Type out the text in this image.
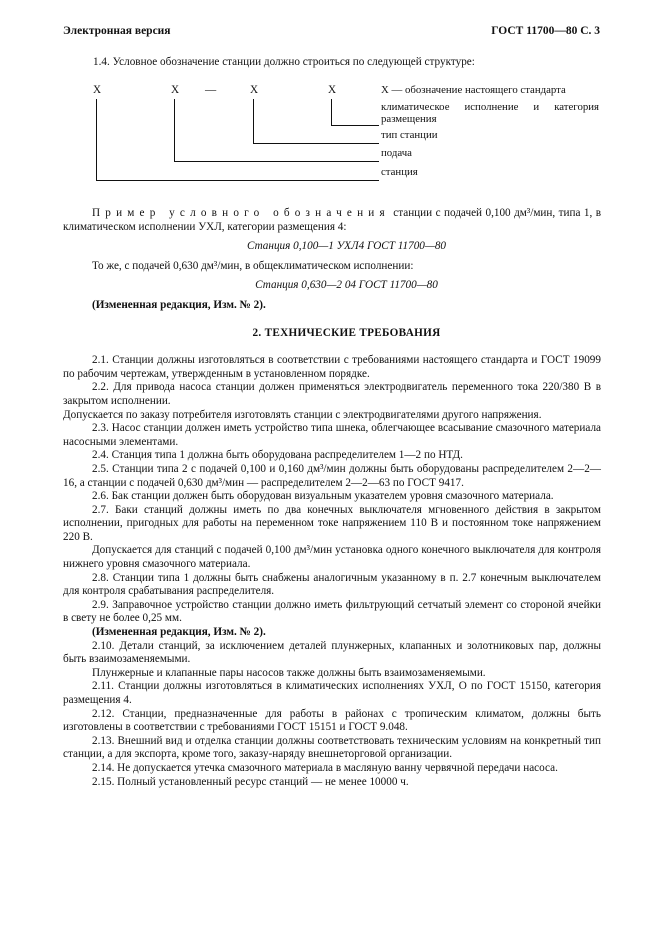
Электронная версия	ГОСТ 11700—80 С. 3
1.4. Условное обозначение станции должно строиться по следующей структуре:
X	X —	X	X	X — обозначение настоящего стандарта
климатическое исполнение и категория размещения
тип станции
подача
станция

Пример условного обозначения станции с подачей 0,100 дм³/мин, типа 1, в климатическом исполнении УХЛ, категории размещения 4:

Станция 0,100—1 УХЛ4 ГОСТ 11700—80

То же, с подачей 0,630 дм³/мин, в общеклиматическом исполнении:

Станция 0,630—2 04 ГОСТ 11700—80

(Измененная редакция, Изм. № 2).

2. ТЕХНИЧЕСКИЕ ТРЕБОВАНИЯ

2.1. Станции должны изготовляться в соответствии с требованиями настоящего стандарта и ГОСТ 19099 по рабочим чертежам, утвержденным в установленном порядке.

2.2. Для привода насоса станции должен применяться электродвигатель переменного тока 220/380 В в закрытом исполнении.

Допускается по заказу потребителя изготовлять станции с электродвигателями другого напряжения.

2.3. Насос станции должен иметь устройство типа шнека, облегчающее всасывание смазочного материала насосными элементами.

2.4. Станция типа 1 должна быть оборудована распределителем 1—2 по НТД.

2.5. Станции типа 2 с подачей 0,100 и 0,160 дм³/мин должны быть оборудованы распределителем 2—2—16, а станции с подачей 0,630 дм³/мин — распределителем 2—2—63 по ГОСТ 9417.

2.6. Бак станции должен быть оборудован визуальным указателем уровня смазочного материала.

2.7. Баки станций должны иметь по два конечных выключателя мгновенного действия в закрытом исполнении, пригодных для работы на переменном токе напряжением 110 В и постоянном токе напряжением 220 В.

Допускается для станций с подачей 0,100 дм³/мин установка одного конечного выключателя для контроля нижнего уровня смазочного материала.

2.8. Станции типа 1 должны быть снабжены аналогичным указанному в п. 2.7 конечным выключателем для контроля срабатывания распределителя.

2.9. Заправочное устройство станции должно иметь фильтрующий сетчатый элемент со стороной ячейки в свету не более 0,25 мм.

(Измененная редакция, Изм. № 2).

2.10. Детали станций, за исключением деталей плунжерных, клапанных и золотниковых пар, должны быть взаимозаменяемыми.

Плунжерные и клапанные пары насосов также должны быть взаимозаменяемыми.

2.11. Станции должны изготовляться в климатических исполнениях УХЛ, О по ГОСТ 15150, категория размещения 4.

2.12. Станции, предназначенные для работы в районах с тропическим климатом, должны быть изготовлены в соответствии с требованиями ГОСТ 15151 и ГОСТ 9.048.

2.13. Внешний вид и отделка станции должны соответствовать техническим условиям на конкретный тип станции, а для экспорта, кроме того, заказу-наряду внешнеторговой организации.

2.14. Не допускается утечка смазочного материала в масляную ванну червячной передачи насоса.

2.15. Полный установленный ресурс станций — не менее 10000 ч.
